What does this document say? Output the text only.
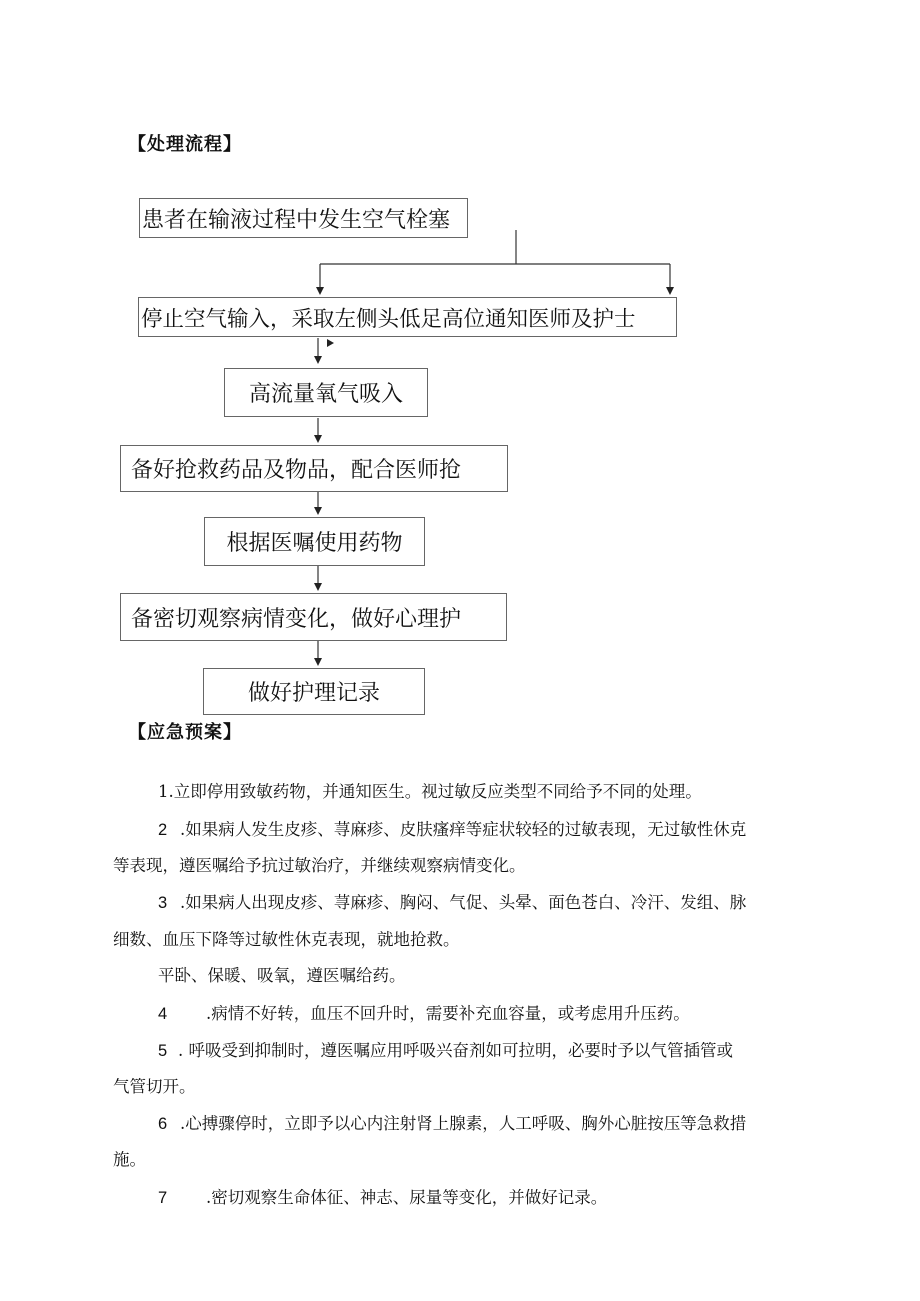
【处理流程】
患者在输液过程中发生空气栓塞
停止空气输入，采取左侧头低足高位通知医师及护士
高流量氧气吸入
备好抢救药品及物品，配合医师抢
根据医嘱使用药物
备密切观察病情变化，做好心理护
做好护理记录
【应急预案】
1.立即停用致敏药物，并通知医生。视过敏反应类型不同给予不同的处理。
2 .如果病人发生皮疹、荨麻疹、皮肤瘙痒等症状较轻的过敏表现，无过敏性休克
等表现，遵医嘱给予抗过敏治疗，并继续观察病情变化。
3 .如果病人出现皮疹、荨麻疹、胸闷、气促、头晕、面色苍白、冷汗、发组、脉
细数、血压下降等过敏性休克表现，就地抢救。
平卧、保暖、吸氧，遵医嘱给药。
4 .病情不好转，血压不回升时，需要补充血容量，或考虑用升压药。
5 . 呼吸受到抑制时，遵医嘱应用呼吸兴奋剂如可拉明，必要时予以气管插管或
气管切开。
6 .心搏骤停时，立即予以心内注射肾上腺素，人工呼吸、胸外心脏按压等急救措
施。
7 .密切观察生命体征、神志、尿量等变化，并做好记录。
